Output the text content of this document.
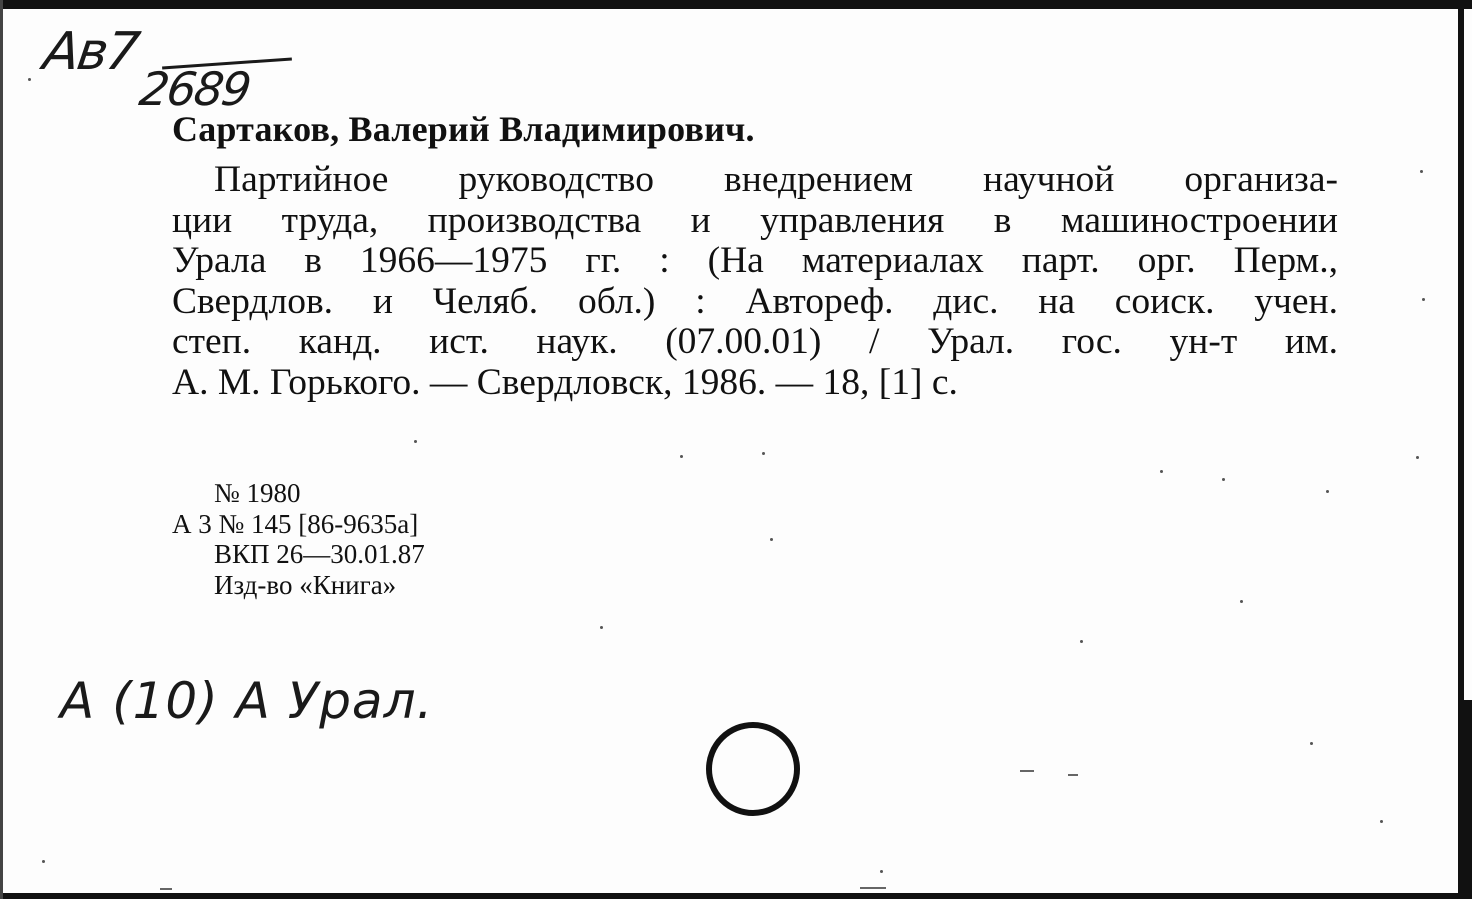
Ав7
2689
Сартаков, Валерий Владимирович.
Партийное руководство внедрением научной организа-
ции труда, производства и управления в машиностроении
Урала в 1966—1975 гг. : (На материалах парт. орг. Перм.,
Свердлов. и Челяб. обл.) : Автореф. дис. на соиск. учен.
степ. канд. ист. наук. (07.00.01) / Урал. гос. ун-т им.
А. М. Горького. — Свердловск, 1986. — 18, [1] с.
№ 1980
А 3 № 145 [86-9635а]
ВКП 26—30.01.87
Изд-во «Книга»
А (10) А Урал.
